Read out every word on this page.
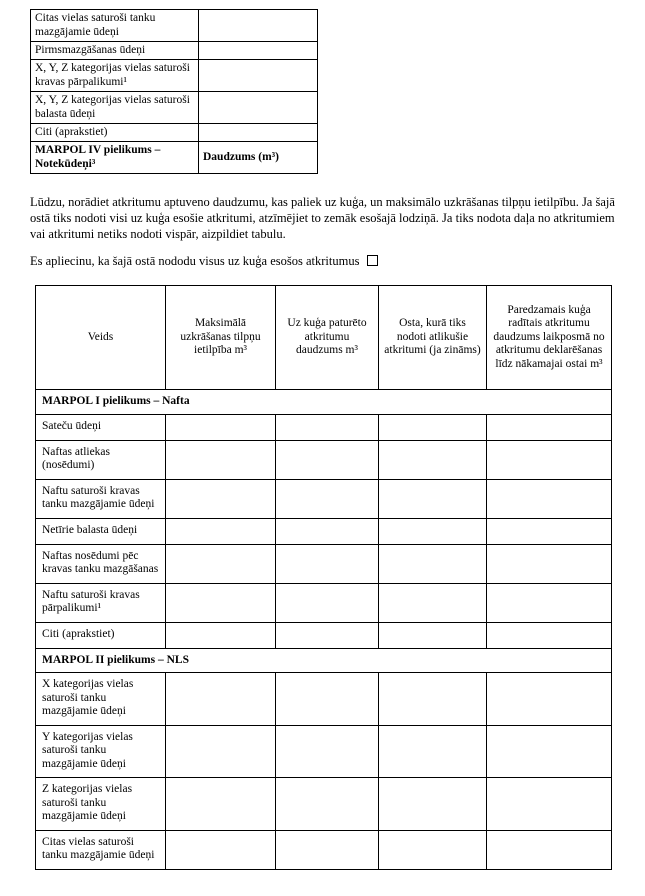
Citas vielas saturoši tanku mazgājamie ūdeņi	
Pirmsmazgāšanas ūdeņi	
X, Y, Z kategorijas vielas saturoši kravas pārpalikumi¹	
X, Y, Z kategorijas vielas saturoši balasta ūdeņi	
Citi (aprakstiet)	
MARPOL IV pielikums – Notekūdeņi³	Daudzums (m³)
Lūdzu, norādiet atkritumu aptuveno daudzumu, kas paliek uz kuģa, un maksimālo uzkrāšanas tilpņu ietilpību. Ja šajā ostā tiks nodoti visi uz kuģa esošie atkritumi, atzīmējiet to zemāk esošajā lodziņā. Ja tiks nodota daļa no atkritumiem vai atkritumi netiks nodoti vispār, aizpildiet tabulu.
Es apliecinu, ka šajā ostā nododu visus uz kuģa esošos atkritumus
Veids	Maksimālā uzkrāšanas tilpņu ietilpība m³	Uz kuģa paturēto atkritumu daudzums m³	Osta, kurā tiks nodoti atlikušie atkritumi (ja zināms)	Paredzamais kuģa radītais atkritumu daudzums laikposmā no atkritumu deklarēšanas līdz nākamajai ostai m³
MARPOL I pielikums – Nafta				
Sateču ūdeņi				
Naftas atliekas (nosēdumi)				
Naftu saturoši kravas tanku mazgājamie ūdeņi				
Netīrie balasta ūdeņi				
Naftas nosēdumi pēc kravas tanku mazgāšanas				
Naftu saturoši kravas pārpalikumi¹				
Citi (aprakstiet)				
MARPOL II pielikums – NLS				
X kategorijas vielas saturoši tanku mazgājamie ūdeņi				
Y kategorijas vielas saturoši tanku mazgājamie ūdeņi				
Z kategorijas vielas saturoši tanku mazgājamie ūdeņi				
Citas vielas saturoši tanku mazgājamie ūdeņi				
